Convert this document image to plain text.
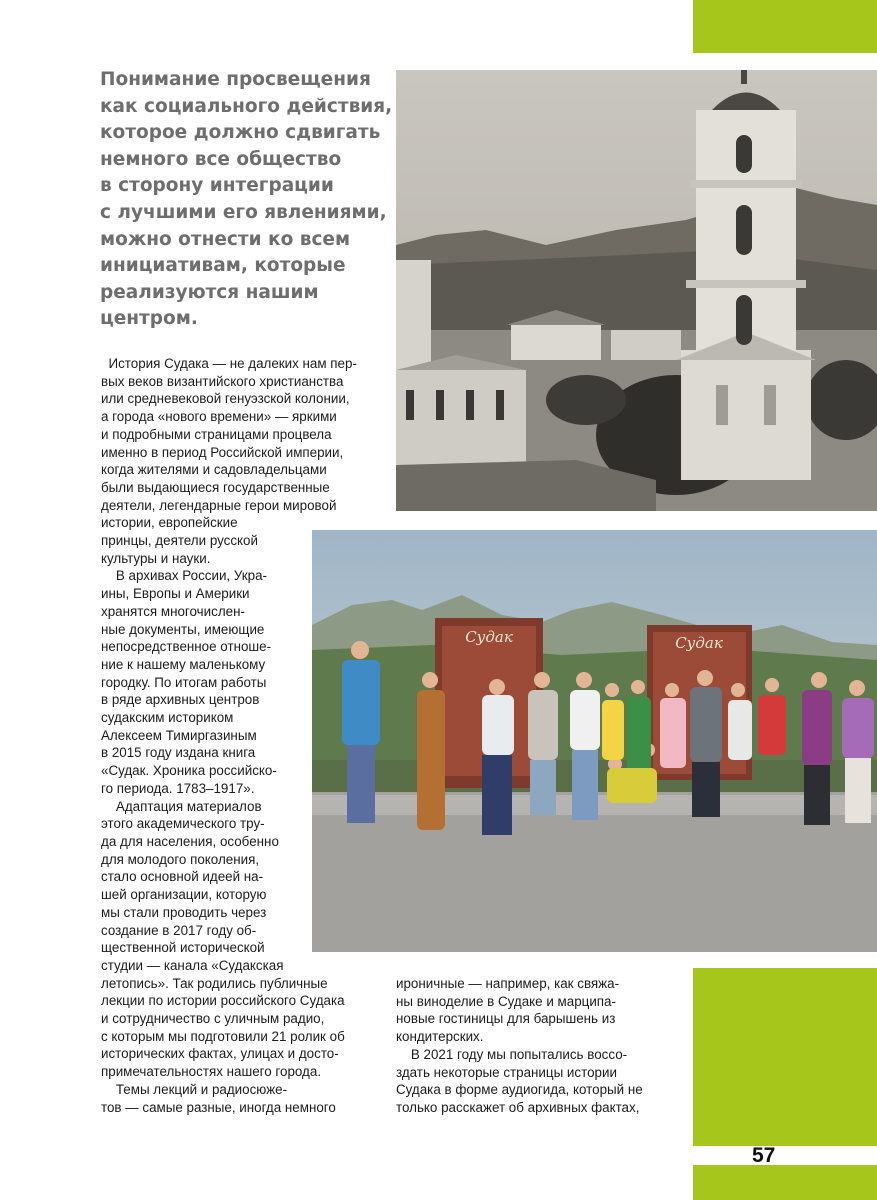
Понимание просвещения
как социального действия,
которое должно сдвигать
немного все общество
в сторону интеграции
с лучшими его явлениями,
можно отнести ко всем
инициативам, которые
реализуются нашим
центром.
Судак	Судак
История Судака — не далеких нам пер-
вых веков византийского христианства
или средневековой генуэзской колонии,
а города «нового времени» — яркими
и подробными страницами процвела
именно в период Российской империи,
когда жителями и садовладельцами
были выдающиеся государственные
деятели, легендарные герои мировой
истории, европейские
принцы, деятели русской
культуры и науки.
В архивах России, Укра-
ины, Европы и Америки
хранятся многочислен-
ные документы, имеющие
непосредственное отноше-
ние к нашему маленькому
городку. По итогам работы
в ряде архивных центров
судакским историком
Алексеем Тимиргазиным
в 2015 году издана книга
«Судак. Хроника российско-
го периода. 1783–1917».
Адаптация материалов
этого академического тру-
да для населения, особенно
для молодого поколения,
стало основной идеей на-
шей организации, которую
мы стали проводить через
создание в 2017 году об-
щественной исторической
студии — канала «Судакская
летопись». Так родились публичные
лекции по истории российского Судака
и сотрудничество с уличным радио,
с которым мы подготовили 21 ролик об
исторических фактах, улицах и досто-
примечательностях нашего города.
Темы лекций и радиосюже-
тов — самые разные, иногда немного
ироничные — например, как свяжа-
ны виноделие в Судаке и марципа-
новые гостиницы для барышень из
кондитерских.
В 2021 году мы попытались воссо-
здать некоторые страницы истории
Судака в форме аудиогида, который не
только расскажет об архивных фактах,
57
